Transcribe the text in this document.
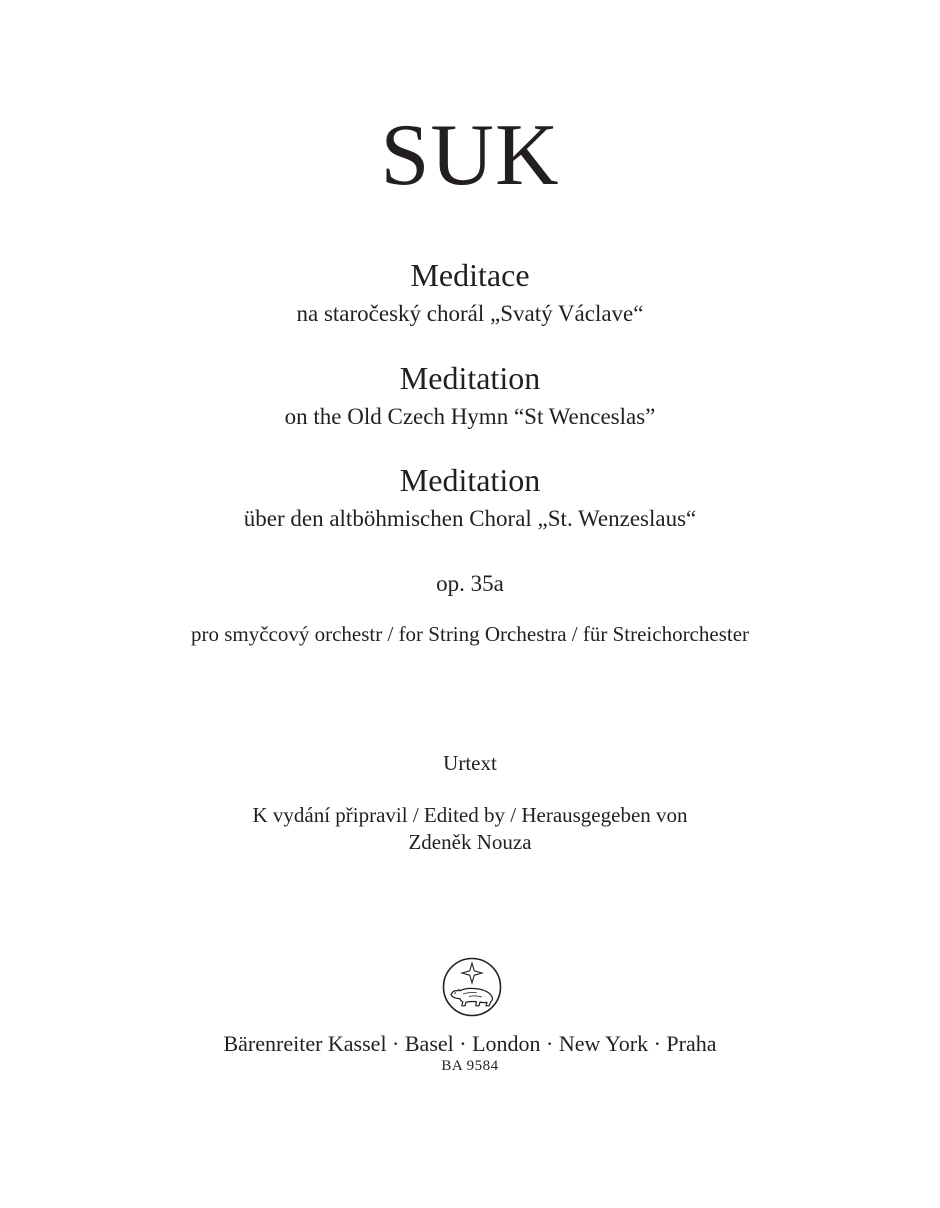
SUK
Meditace
na staročeský chorál „Svatý Václave“
Meditation
on the Old Czech Hymn “St Wenceslas”
Meditation
über den altböhmischen Choral „St. Wenzeslaus“
op. 35a
pro smyčcový orchestr / for String Orchestra / für Streichorchester
Urtext
K vydání připravil / Edited by / Herausgegeben von
Zdeněk Nouza
Bärenreiter Kassel · Basel · London · New York · Praha
BA 9584
